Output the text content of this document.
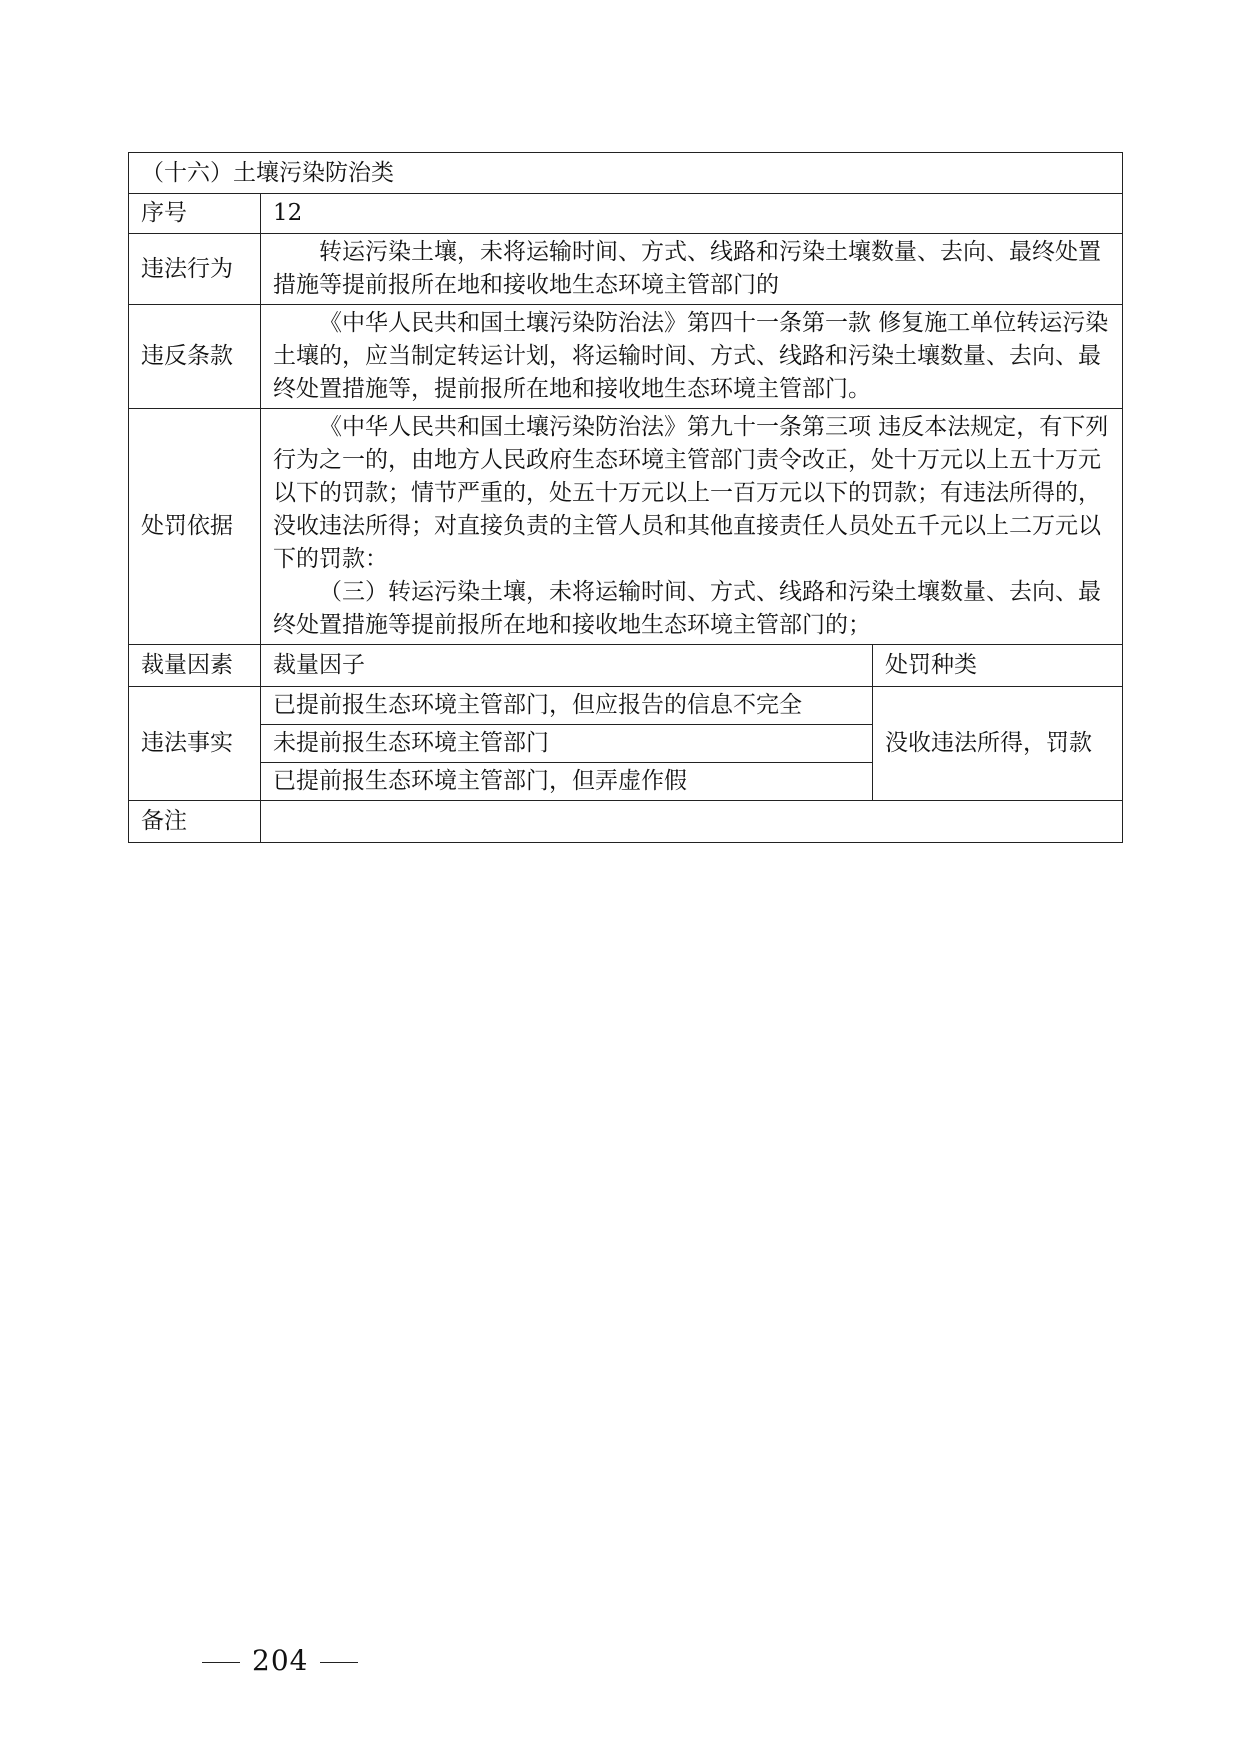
（十六）土壤污染防治类		
序号	12	
违法行为	转运污染土壤，未将运输时间、方式、线路和污染土壤数量、去向、最终处置措施等提前报所在地和接收地生态环境主管部门的	

违反条款	《中华人民共和国土壤污染防治法》第四十一条第一款 修复施工单位转运污染土壤的，应当制定转运计划，将运输时间、方式、线路和污染土壤数量、去向、最终处置措施等，提前报所在地和接收地生态环境主管部门。	

处罚依据	《中华人民共和国土壤污染防治法》第九十一条第三项 违反本法规定，有下列行为之一的，由地方人民政府生态环境主管部门责令改正，处十万元以上五十万元以下的罚款；情节严重的，处五十万元以上一百万元以下的罚款；有违法所得的，没收违法所得；对直接负责的主管人员和其他直接责任人员处五千元以上二万元以下的罚款：

（三）转运污染土壤，未将运输时间、方式、线路和污染土壤数量、去向、最终处置措施等提前报所在地和接收地生态环境主管部门的；	

裁量因素	裁量因子	处罚种类
违法事实	已提前报生态环境主管部门，但应报告的信息不完全	没收违法所得，罚款
	未提前报生态环境主管部门	
	已提前报生态环境主管部门，但弄虚作假	
备注		
204
